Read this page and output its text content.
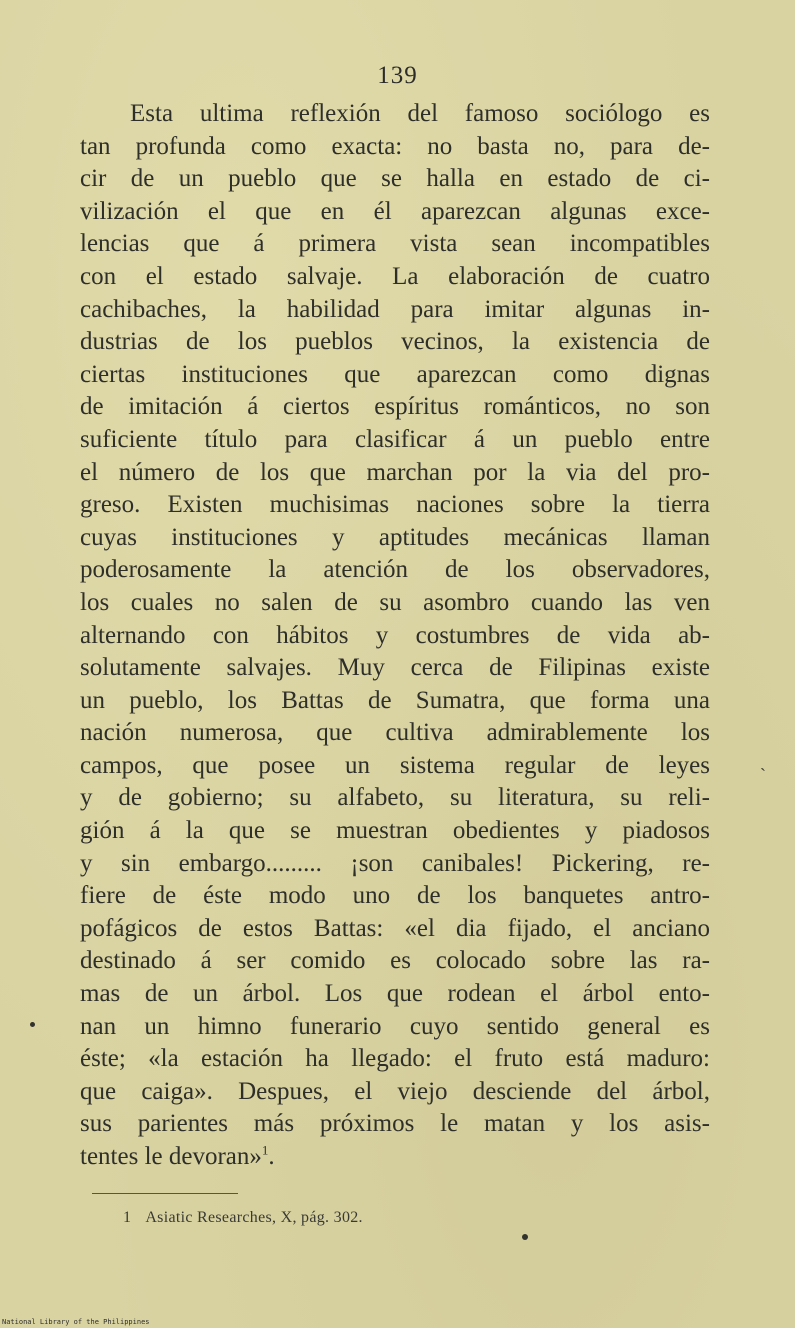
139
Esta ultima reflexión del famoso sociólogo es
tan profunda como exacta: no basta no, para de-
cir de un pueblo que se halla en estado de ci-
vilización el que en él aparezcan algunas exce-
lencias que á primera vista sean incompatibles
con el estado salvaje. La elaboración de cuatro
cachibaches, la habilidad para imitar algunas in-
dustrias de los pueblos vecinos, la existencia de
ciertas instituciones que aparezcan como dignas
de imitación á ciertos espíritus románticos, no son
suficiente título para clasificar á un pueblo entre
el número de los que marchan por la via del pro-
greso. Existen muchisimas naciones sobre la tierra
cuyas instituciones y aptitudes mecánicas llaman
poderosamente la atención de los observadores,
los cuales no salen de su asombro cuando las ven
alternando con hábitos y costumbres de vida ab-
solutamente salvajes. Muy cerca de Filipinas existe
un pueblo, los Battas de Sumatra, que forma una
nación numerosa, que cultiva admirablemente los
campos, que posee un sistema regular de leyes
y de gobierno; su alfabeto, su literatura, su reli-
gión á la que se muestran obedientes y piadosos
y sin embargo......... ¡son canibales! Pickering, re-
fiere de éste modo uno de los banquetes antro-
pofágicos de estos Battas: «el dia fijado, el anciano
destinado á ser comido es colocado sobre las ra-
mas de un árbol. Los que rodean el árbol ento-
nan un himno funerario cuyo sentido general es
éste; «la estación ha llegado: el fruto está maduro:
que caiga». Despues, el viejo desciende del árbol,
sus parientes más próximos le matan y los asis-
tentes le devoran»$^1$.
1 Asiatic Researches, X, pág. 302.
`
National Library of the Philippines
